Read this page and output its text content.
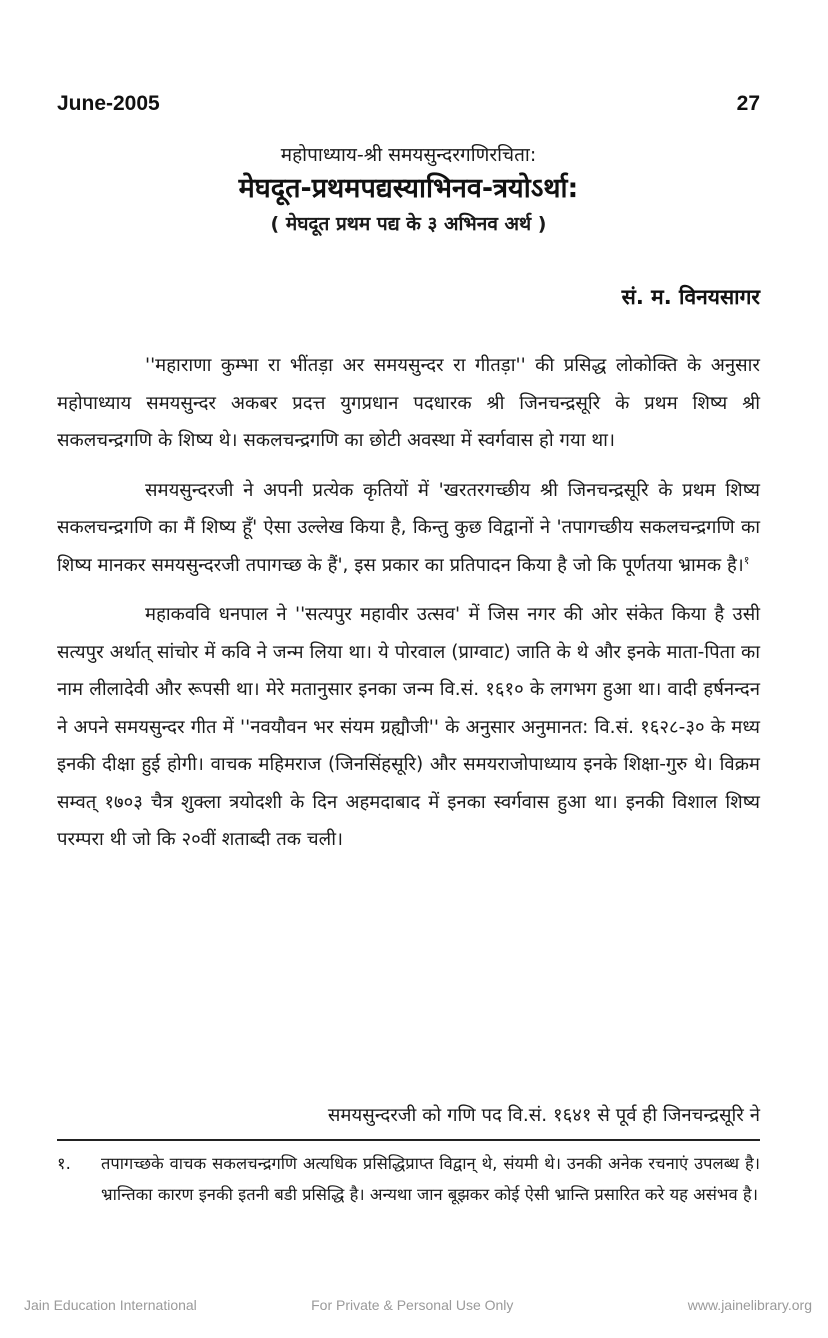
June-2005	27
महोपाध्याय-श्री समयसुन्दरगणिरचिता:
मेघदूत-प्रथमपद्यस्याभिनव-त्रयोऽर्था:
( मेघदूत प्रथम पद्य के ३ अभिनव अर्थ )
सं. म. विनयसागर

''महाराणा कुम्भा रा भींतड़ा अर समयसुन्दर रा गीतड़ा'' की प्रसिद्ध लोकोक्ति के अनुसार महोपाध्याय समयसुन्दर अकबर प्रदत्त युगप्रधान पदधारक श्री जिनचन्द्रसूरि के प्रथम शिष्य श्री सकलचन्द्रगणि के शिष्य थे। सकलचन्द्रगणि का छोटी अवस्था में स्वर्गवास हो गया था।

समयसुन्दरजी ने अपनी प्रत्येक कृतियों में 'खरतरगच्छीय श्री जिनचन्द्रसूरि के प्रथम शिष्य सकलचन्द्रगणि का मैं शिष्य हूँ' ऐसा उल्लेख किया है, किन्तु कुछ विद्वानों ने 'तपागच्छीय सकलचन्द्रगणि का शिष्य मानकर समयसुन्दरजी तपागच्छ के हैं', इस प्रकार का प्रतिपादन किया है जो कि पूर्णतया भ्रामक है।$^१$

महाकववि धनपाल ने ''सत्यपुर महावीर उत्सव' में जिस नगर की ओर संकेत किया है उसी सत्यपुर अर्थात् सांचोर में कवि ने जन्म लिया था। ये पोरवाल (प्राग्वाट) जाति के थे और इनके माता-पिता का नाम लीलादेवी और रूपसी था। मेरे मतानुसार इनका जन्म वि.सं. १६१० के लगभग हुआ था। वादी हर्षनन्दन ने अपने समयसुन्दर गीत में ''नवयौवन भर संयम ग्रह्यौजी'' के अनुसार अनुमानत: वि.सं. १६२८-३० के मध्य इनकी दीक्षा हुई होगी। वाचक महिमराज (जिनसिंहसूरि) और समयराजोपाध्याय इनके शिक्षा-गुरु थे। विक्रम सम्वत् १७०३ चैत्र शुक्ला त्रयोदशी के दिन अहमदाबाद में इनका स्वर्गवास हुआ था। इनकी विशाल शिष्य परम्परा थी जो कि २०वीं शताब्दी तक चली।

समयसुन्दरजी को गणि पद वि.सं. १६४१ से पूर्व ही जिनचन्द्रसूरि ने
१.	तपागच्छके वाचक सकलचन्द्रगणि अत्यधिक प्रसिद्धिप्राप्त विद्वान् थे, संयमी थे। उनकी अनेक रचनाएं उपलब्ध है। भ्रान्तिका कारण इनकी इतनी बडी प्रसिद्धि है। अन्यथा जान बूझकर कोई ऐसी भ्रान्ति प्रसारित करे यह असंभव है।
Jain Education International	For Private & Personal Use Only	www.jainelibrary.org
